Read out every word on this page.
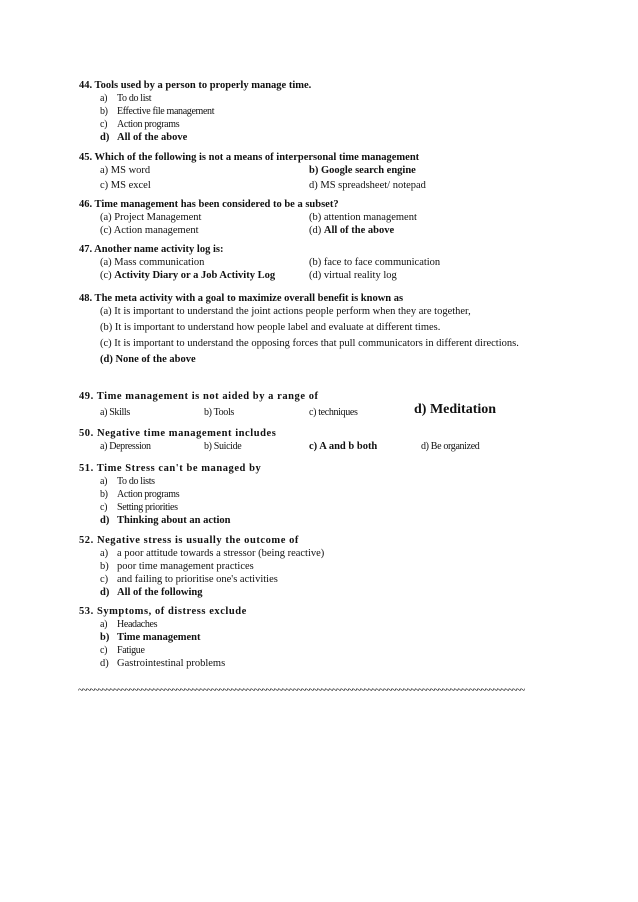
44. Tools used by a person to properly manage time.
a) To do list
b) Effective file management
c) Action programs
d) All of the above
45. Which of the following is not a means of interpersonal time management
a) MS word	b) Google search engine
c) MS excel	d) MS spreadsheet/ notepad
46. Time management has been considered to be a subset?
(a) Project Management	(b) attention management
(c) Action management	(d) All of the above
47. Another name activity log is:
(a) Mass communication	(b) face to face communication
(c) Activity Diary or a Job Activity Log	(d) virtual reality log
48. The meta activity with a goal to maximize overall benefit is known as
(a) It is important to understand the joint actions people perform when they are together,
(b) It is important to understand how people label and evaluate at different times.
(c) It is important to understand the opposing forces that pull communicators in different directions.
(d) None of the above
49. Time management is not aided by a range of
a) Skills	b) Tools	c) techniques	d) Meditation
50. Negative time management includes
a) Depression	b) Suicide	c) A and b both	d) Be organized
51. Time Stress can't be managed by
a) To do lists
b) Action programs
c) Setting priorities
d) Thinking about an action
52. Negative stress is usually the outcome of
a) a poor attitude towards a stressor (being reactive)
b) poor time management practices
c) and failing to prioritise one's activities
d) All of the following
53. Symptoms, of distress exclude
a) Headaches
b) Time management
c) Fatigue
d) Gastrointestinal problems
~~~~~~~~~~~~~~~~~~~~~~~~~~~~~~~~~~~~~~~~~~~~~~~~~~~~~~~~~~~~~~~~~~~~~~~~~~~~~~~~~~~~~~~~~~~~~~~~~~~~~~~~~~~~~~~~~~
